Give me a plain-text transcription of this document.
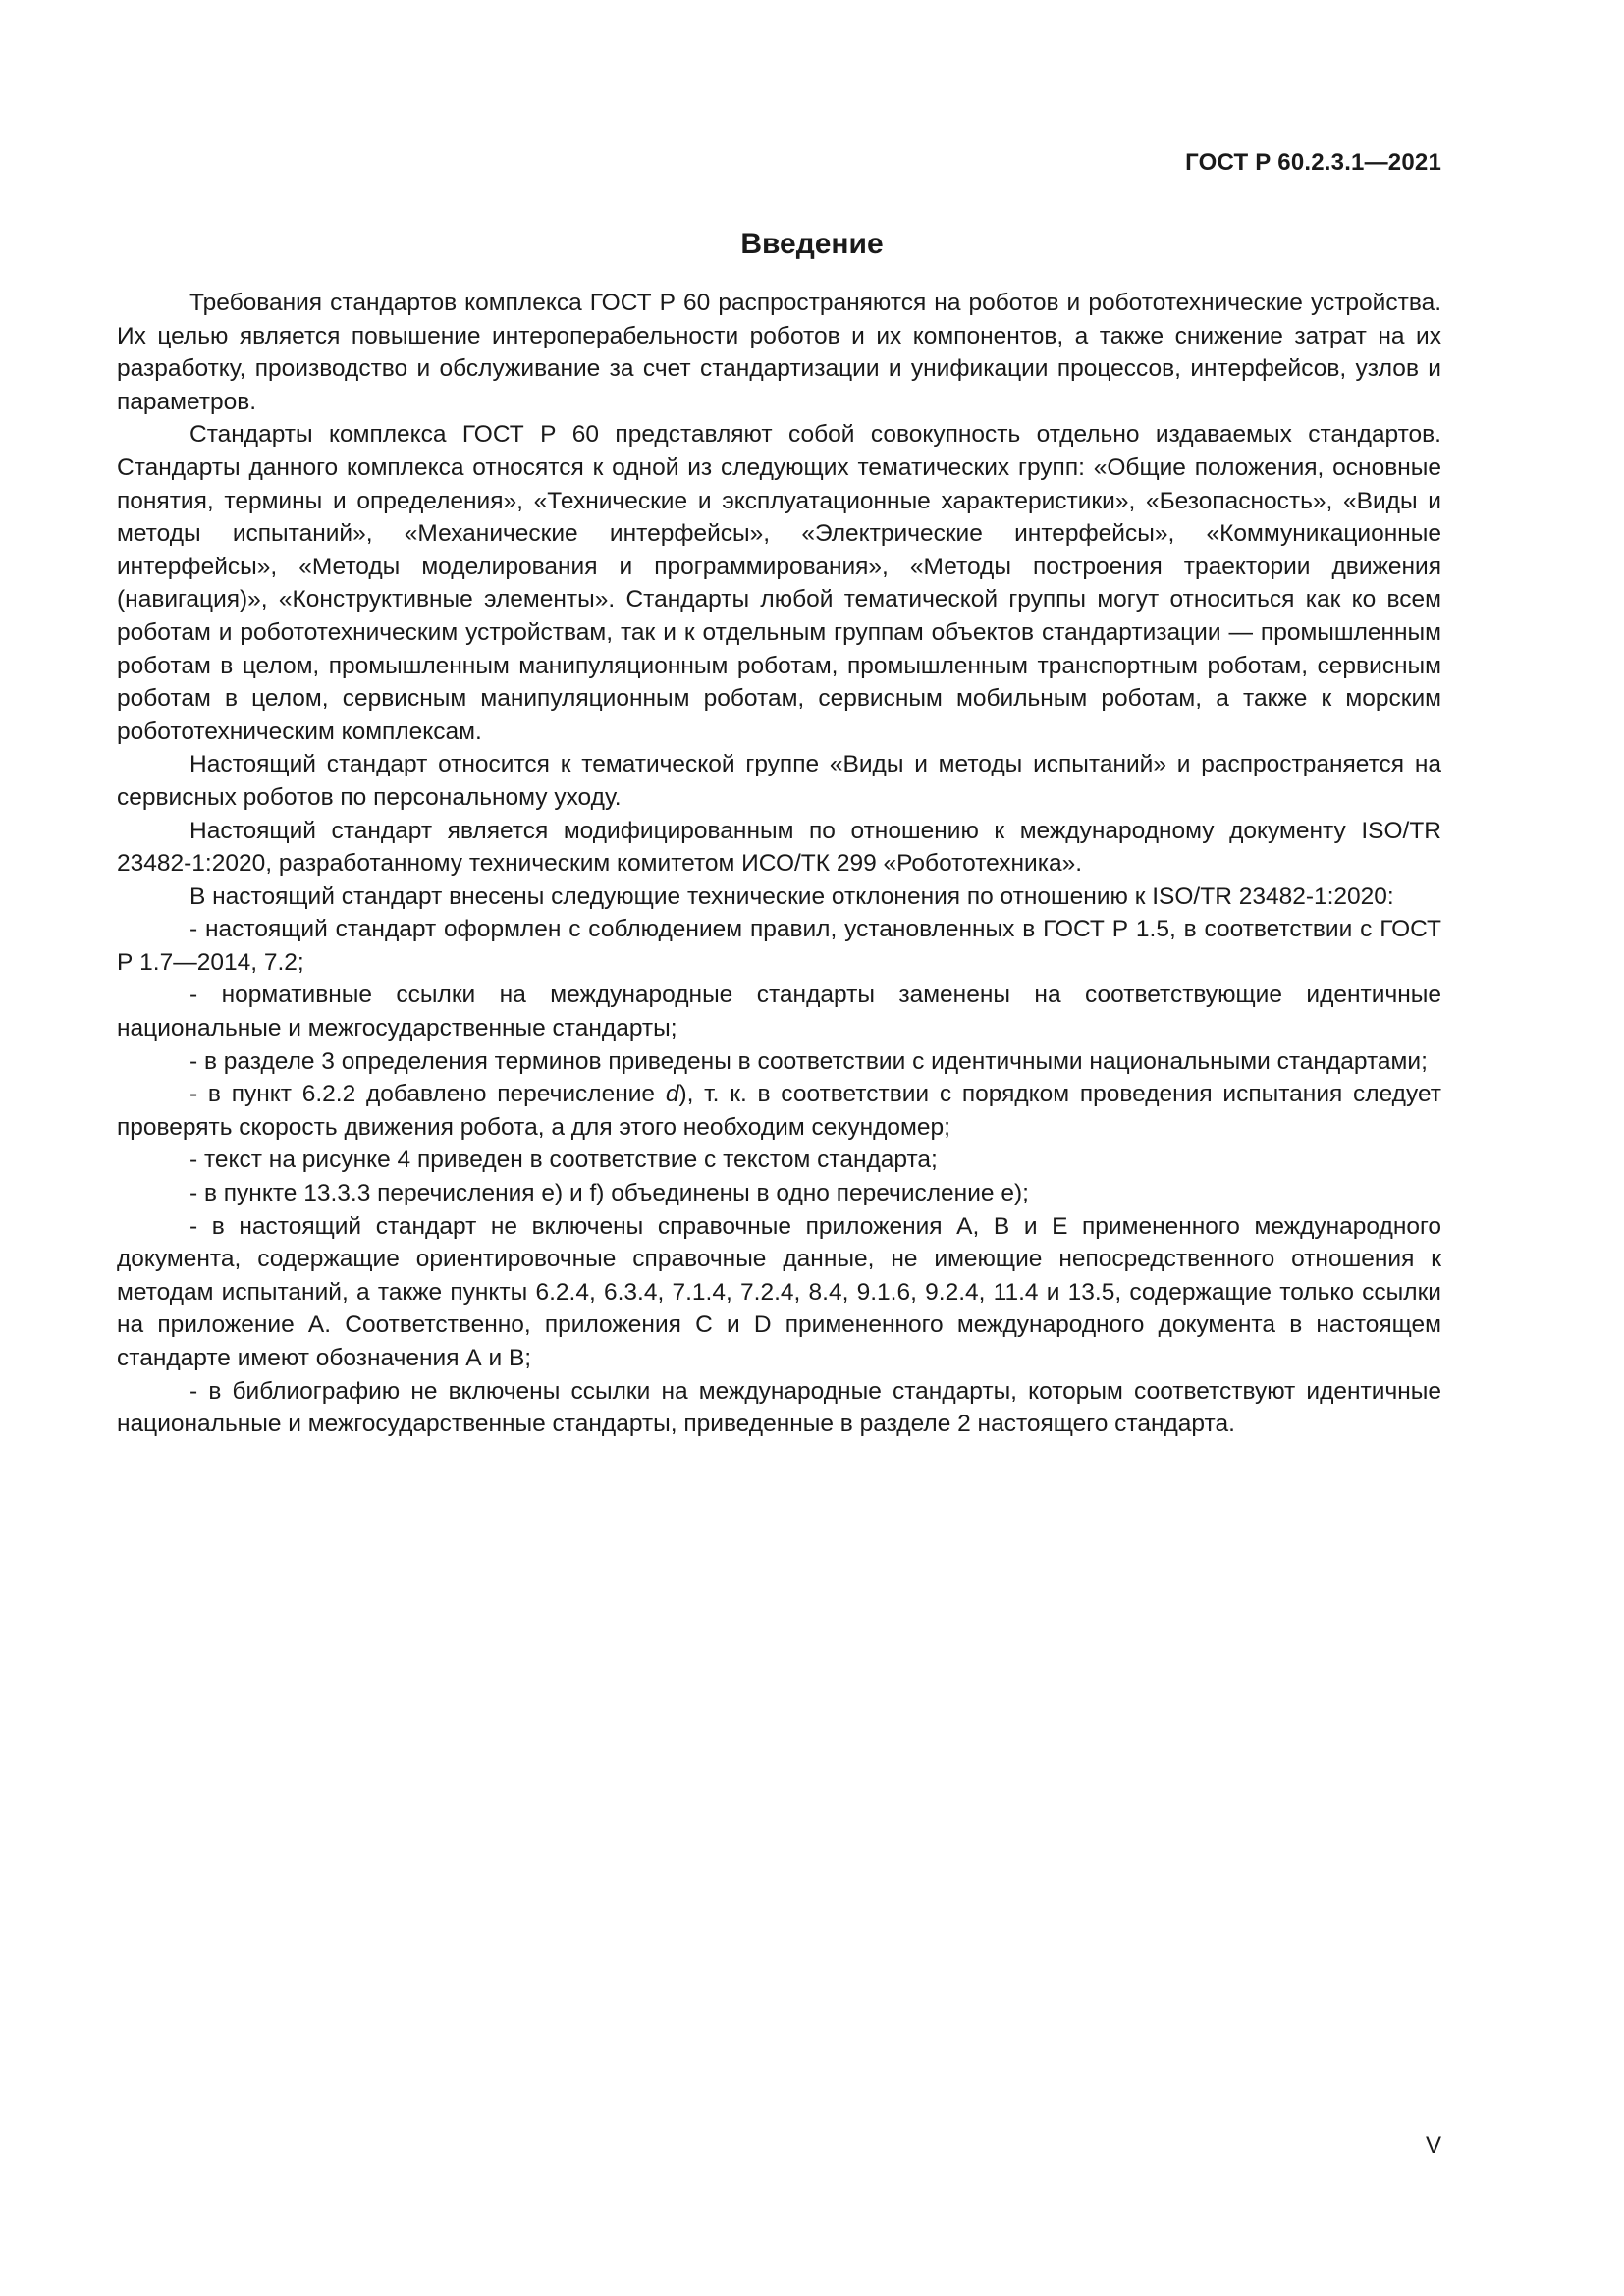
ГОСТ Р 60.2.3.1—2021
Введение

Требования стандартов комплекса ГОСТ Р 60 распространяются на роботов и робототехнические устройства. Их целью является повышение интероперабельности роботов и их компонентов, а также снижение затрат на их разработку, производство и обслуживание за счет стандартизации и унификации процессов, интерфейсов, узлов и параметров.

Стандарты комплекса ГОСТ Р 60 представляют собой совокупность отдельно издаваемых стандартов. Стандарты данного комплекса относятся к одной из следующих тематических групп: «Общие положения, основные понятия, термины и определения», «Технические и эксплуатационные характеристики», «Безопасность», «Виды и методы испытаний», «Механические интерфейсы», «Электрические интерфейсы», «Коммуникационные интерфейсы», «Методы моделирования и программирования», «Методы построения траектории движения (навигация)», «Конструктивные элементы». Стандарты любой тематической группы могут относиться как ко всем роботам и робототехническим устройствам, так и к отдельным группам объектов стандартизации — промышленным роботам в целом, промышленным манипуляционным роботам, промышленным транспортным роботам, сервисным роботам в целом, сервисным манипуляционным роботам, сервисным мобильным роботам, а также к морским робототехническим комплексам.

Настоящий стандарт относится к тематической группе «Виды и методы испытаний» и распространяется на сервисных роботов по персональному уходу.

Настоящий стандарт является модифицированным по отношению к международному документу ISO/TR 23482-1:2020, разработанному техническим комитетом ИСО/ТК 299 «Робототехника».

В настоящий стандарт внесены следующие технические отклонения по отношению к ISO/TR 23482-1:2020:

- настоящий стандарт оформлен с соблюдением правил, установленных в ГОСТ Р 1.5, в соответствии с ГОСТ Р 1.7—2014, 7.2;

- нормативные ссылки на международные стандарты заменены на соответствующие идентичные национальные и межгосударственные стандарты;

- в разделе 3 определения терминов приведены в соответствии с идентичными национальными стандартами;

- в пункт 6.2.2 добавлено перечисление d), т. к. в соответствии с порядком проведения испытания следует проверять скорость движения робота, а для этого необходим секундомер;

- текст на рисунке 4 приведен в соответствие с текстом стандарта;

- в пункте 13.3.3 перечисления е) и f) объединены в одно перечисление е);

- в настоящий стандарт не включены справочные приложения А, В и Е примененного международного документа, содержащие ориентировочные справочные данные, не имеющие непосредственного отношения к методам испытаний, а также пункты 6.2.4, 6.3.4, 7.1.4, 7.2.4, 8.4, 9.1.6, 9.2.4, 11.4 и 13.5, содержащие только ссылки на приложение А. Соответственно, приложения С и D примененного международного документа в настоящем стандарте имеют обозначения А и В;

- в библиографию не включены ссылки на международные стандарты, которым соответствуют идентичные национальные и межгосударственные стандарты, приведенные в разделе 2 настоящего стандарта.

V
